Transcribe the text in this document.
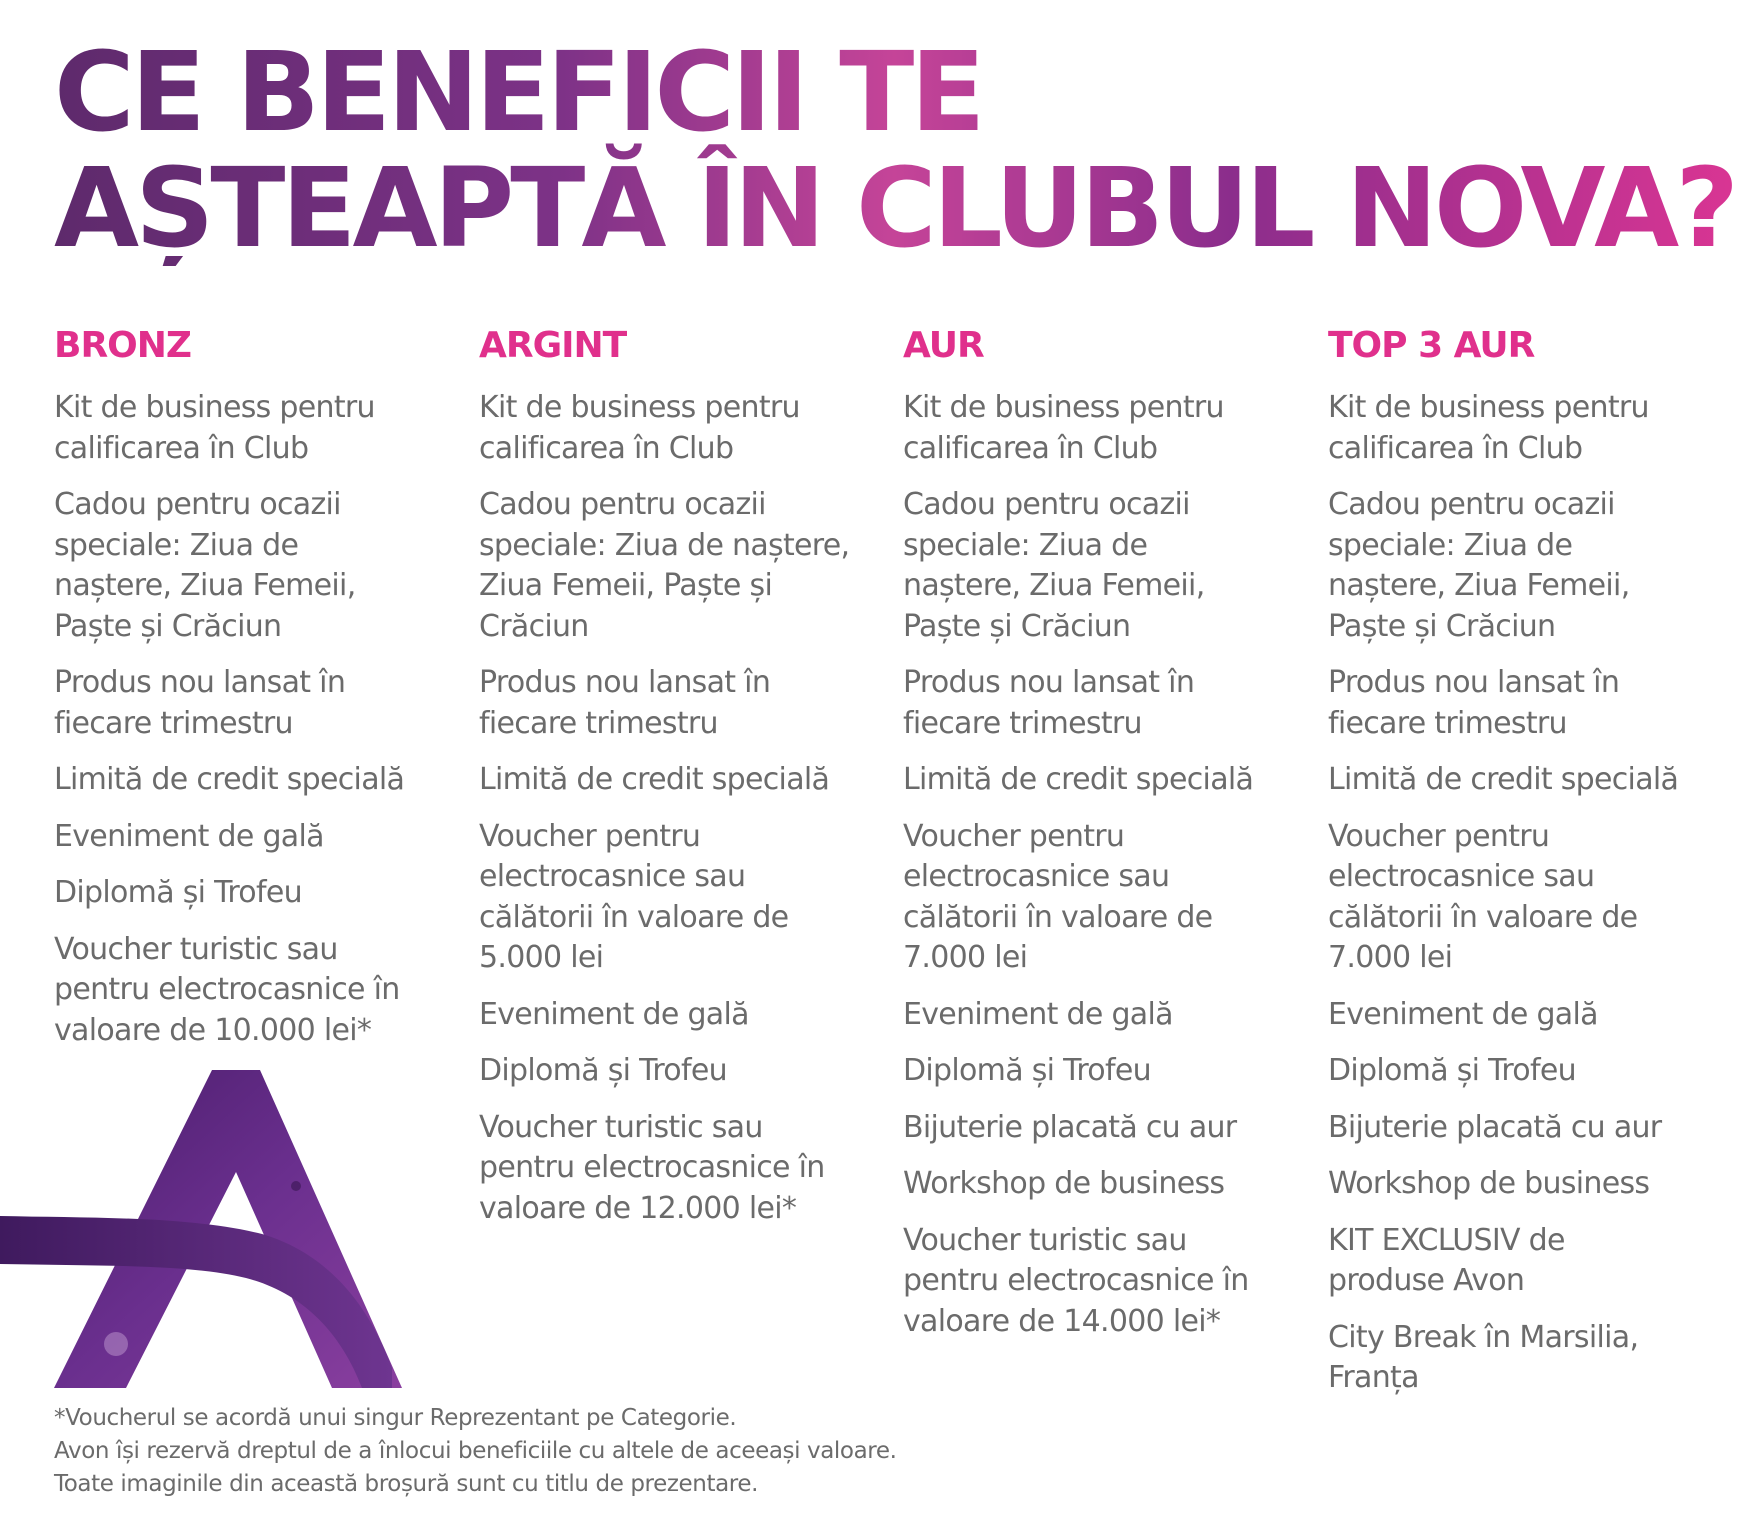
CE BENEFICII TE
AȘTEAPTĂ ÎN CLUBUL NOVA?
BRONZ
Kit de business pentru
calificarea în Club
Cadou pentru ocazii
speciale: Ziua de
naștere, Ziua Femeii,
Paște și Crăciun
Produs nou lansat în
fiecare trimestru
Limită de credit specială
Eveniment de gală
Diplomă și Trofeu
Voucher turistic sau
pentru electrocasnice în
valoare de 10.000 lei*
ARGINT
Kit de business pentru
calificarea în Club
Cadou pentru ocazii
speciale: Ziua de naștere,
Ziua Femeii, Paște și
Crăciun
Produs nou lansat în
fiecare trimestru
Limită de credit specială
Voucher pentru
electrocasnice sau
călătorii în valoare de
5.000 lei
Eveniment de gală
Diplomă și Trofeu
Voucher turistic sau
pentru electrocasnice în
valoare de 12.000 lei*
AUR
Kit de business pentru
calificarea în Club
Cadou pentru ocazii
speciale: Ziua de
naștere, Ziua Femeii,
Paște și Crăciun
Produs nou lansat în
fiecare trimestru
Limită de credit specială
Voucher pentru
electrocasnice sau
călătorii în valoare de
7.000 lei
Eveniment de gală
Diplomă și Trofeu
Bijuterie placată cu aur
Workshop de business
Voucher turistic sau
pentru electrocasnice în
valoare de 14.000 lei*
TOP 3 AUR
Kit de business pentru
calificarea în Club
Cadou pentru ocazii
speciale: Ziua de
naștere, Ziua Femeii,
Paște și Crăciun
Produs nou lansat în
fiecare trimestru
Limită de credit specială
Voucher pentru
electrocasnice sau
călătorii în valoare de
7.000 lei
Eveniment de gală
Diplomă și Trofeu
Bijuterie placată cu aur
Workshop de business
KIT EXCLUSIV de
produse Avon
City Break în Marsilia,
Franța
*Voucherul se acordă unui singur Reprezentant pe Categorie.
Avon își rezervă dreptul de a înlocui beneficiile cu altele de aceeași valoare.
Toate imaginile din această broșură sunt cu titlu de prezentare.
